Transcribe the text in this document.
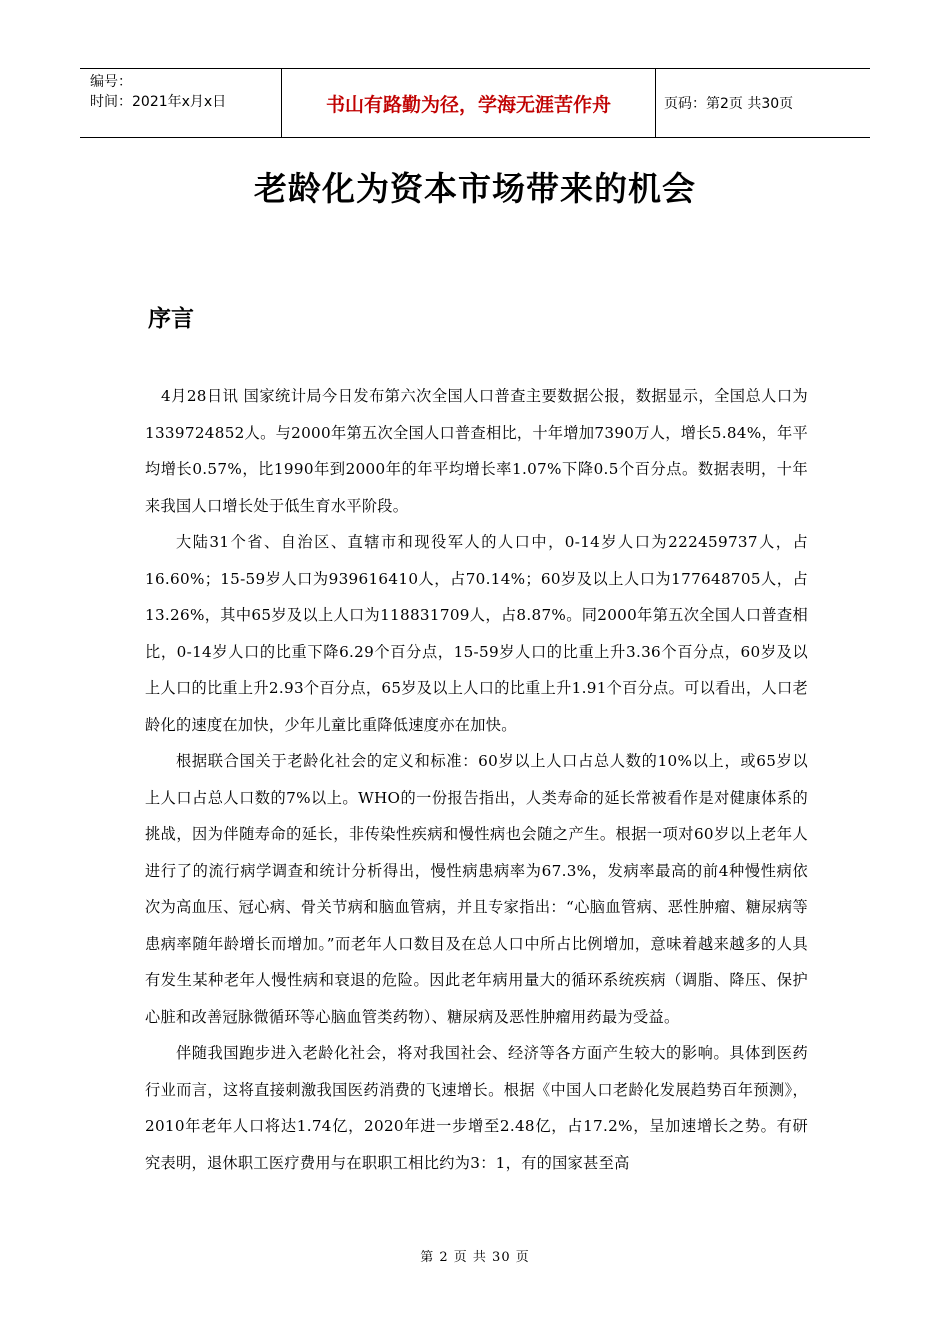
编号：
时间：2021年x月x日	书山有路勤为径，学海无涯苦作舟	页码：第2页 共30页
老龄化为资本市场带来的机会
序言

4月28日讯 国家统计局今日发布第六次全国人口普查主要数据公报，数据显示，全国总人口为1339724852人。与2000年第五次全国人口普查相比，十年增加7390万人，增长5.84%，年平均增长0.57%，比1990年到2000年的年平均增长率1.07%下降0.5个百分点。数据表明，十年来我国人口增长处于低生育水平阶段。

大陆31个省、自治区、直辖市和现役军人的人口中，0-14岁人口为222459737人，占16.60%；15-59岁人口为939616410人，占70.14%；60岁及以上人口为177648705人，占13.26%，其中65岁及以上人口为118831709人，占8.87%。同2000年第五次全国人口普查相比，0-14岁人口的比重下降6.29个百分点，15-59岁人口的比重上升3.36个百分点，60岁及以上人口的比重上升2.93个百分点，65岁及以上人口的比重上升1.91个百分点。可以看出，人口老龄化的速度在加快，少年儿童比重降低速度亦在加快。

根据联合国关于老龄化社会的定义和标准：60岁以上人口占总人数的10%以上，或65岁以上人口占总人口数的7%以上。WHO的一份报告指出，人类寿命的延长常被看作是对健康体系的挑战，因为伴随寿命的延长，非传染性疾病和慢性病也会随之产生。根据一项对60岁以上老年人进行了的流行病学调查和统计分析得出，慢性病患病率为67.3%，发病率最高的前4种慢性病依次为高血压、冠心病、骨关节病和脑血管病，并且专家指出：“心脑血管病、恶性肿瘤、糖尿病等患病率随年龄增长而增加。”而老年人口数目及在总人口中所占比例增加，意味着越来越多的人具有发生某种老年人慢性病和衰退的危险。因此老年病用量大的循环系统疾病（调脂、降压、保护心脏和改善冠脉微循环等心脑血管类药物）、糖尿病及恶性肿瘤用药最为受益。

伴随我国跑步进入老龄化社会，将对我国社会、经济等各方面产生较大的影响。具体到医药行业而言，这将直接刺激我国医药消费的飞速增长。根据《中国人口老龄化发展趋势百年预测》，2010年老年人口将达1.74亿，2020年进一步增至2.48亿，占17.2%，呈加速增长之势。有研究表明，退休职工医疗费用与在职职工相比约为3：1，有的国家甚至高

第 2 页 共 30 页
